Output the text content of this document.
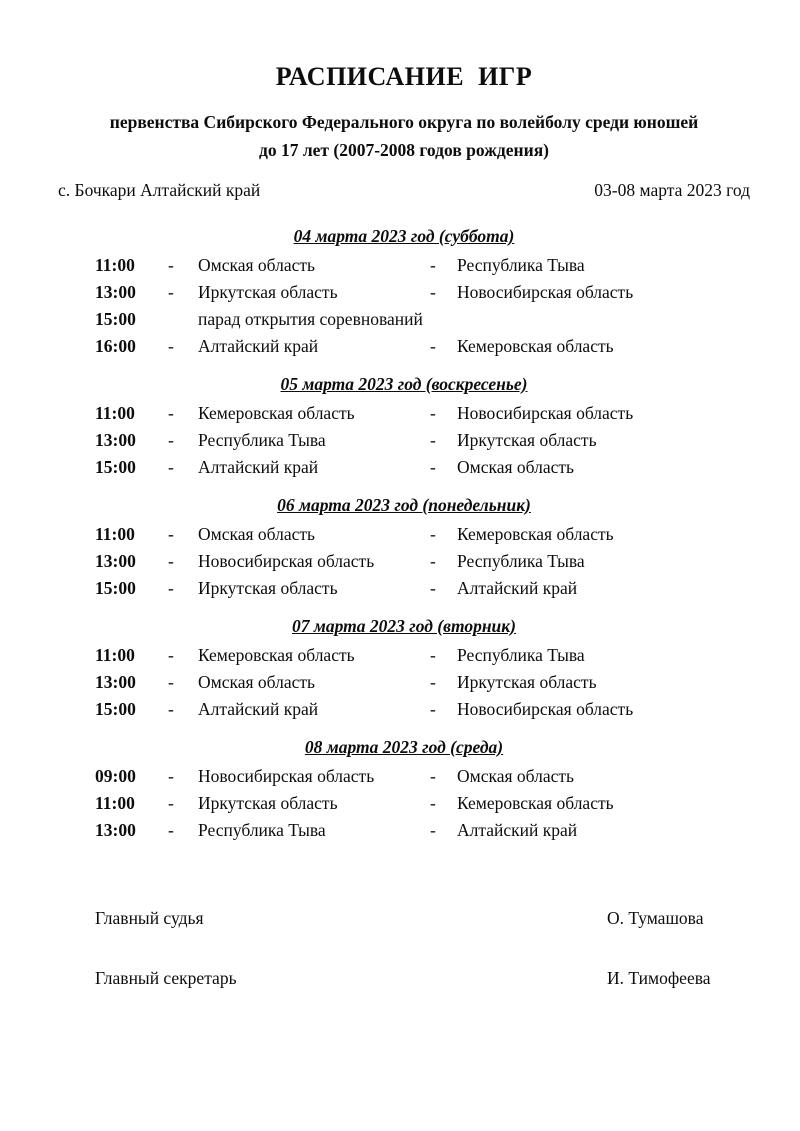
РАСПИСАНИЕ  ИГР
первенства Сибирского Федерального округа по волейболу среди юношей
до 17 лет (2007-2008 годов рождения)
с. Бочкари Алтайский край	03-08 марта 2023 год
04 марта 2023 год (суббота)
11:00	-	Омская область	-	Республика Тыва
13:00	-	Иркутская область	-	Новосибирская область
15:00	парад открытия соревнований
16:00	-	Алтайский край	-	Кемеровская область
05 марта 2023 год (воскресенье)
11:00	-	Кемеровская область	-	Новосибирская область
13:00	-	Республика Тыва	-	Иркутская область
15:00	-	Алтайский край	-	Омская область
06 марта 2023 год (понедельник)
11:00	-	Омская область	-	Кемеровская область
13:00	-	Новосибирская область	-	Республика Тыва
15:00	-	Иркутская область	-	Алтайский край
07 марта 2023 год (вторник)
11:00	-	Кемеровская область	-	Республика Тыва
13:00	-	Омская область	-	Иркутская область
15:00	-	Алтайский край	-	Новосибирская область
08 марта 2023 год (среда)
09:00	-	Новосибирская область	-	Омская область
11:00	-	Иркутская область	-	Кемеровская область
13:00	-	Республика Тыва	-	Алтайский край
Главный судья	О. Тумашова
Главный секретарь	И. Тимофеева
